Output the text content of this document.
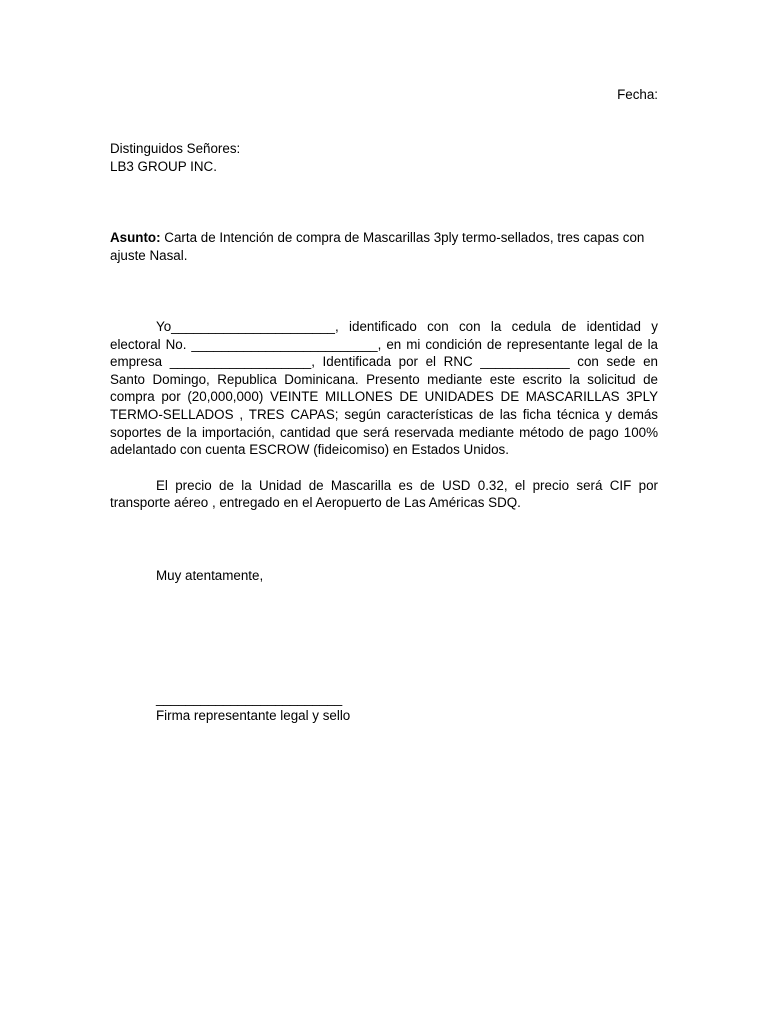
Fecha:
Distinguidos Señores:
LB3 GROUP INC.
Asunto: Carta de Intención de compra de Mascarillas 3ply termo-sellados, tres capas con ajuste Nasal.

Yo______________________, identificado con con la cedula de identidad y electoral No. _________________________, en mi condición de representante legal de la empresa ___________________, Identificada por el RNC ____________ con sede en Santo Domingo, Republica Dominicana. Presento mediante este escrito la solicitud de compra por (20,000,000) VEINTE MILLONES DE UNIDADES DE MASCARILLAS 3PLY TERMO-SELLADOS , TRES CAPAS; según características de las ficha técnica y demás soportes de la importación, cantidad que será reservada mediante método de pago 100% adelantado con cuenta ESCROW (fideicomiso) en Estados Unidos.

El precio de la Unidad de Mascarilla es de USD 0.32, el precio será CIF por transporte aéreo , entregado en el Aeropuerto de Las Américas SDQ.

Muy atentamente,
_________________________
Firma representante legal y sello
